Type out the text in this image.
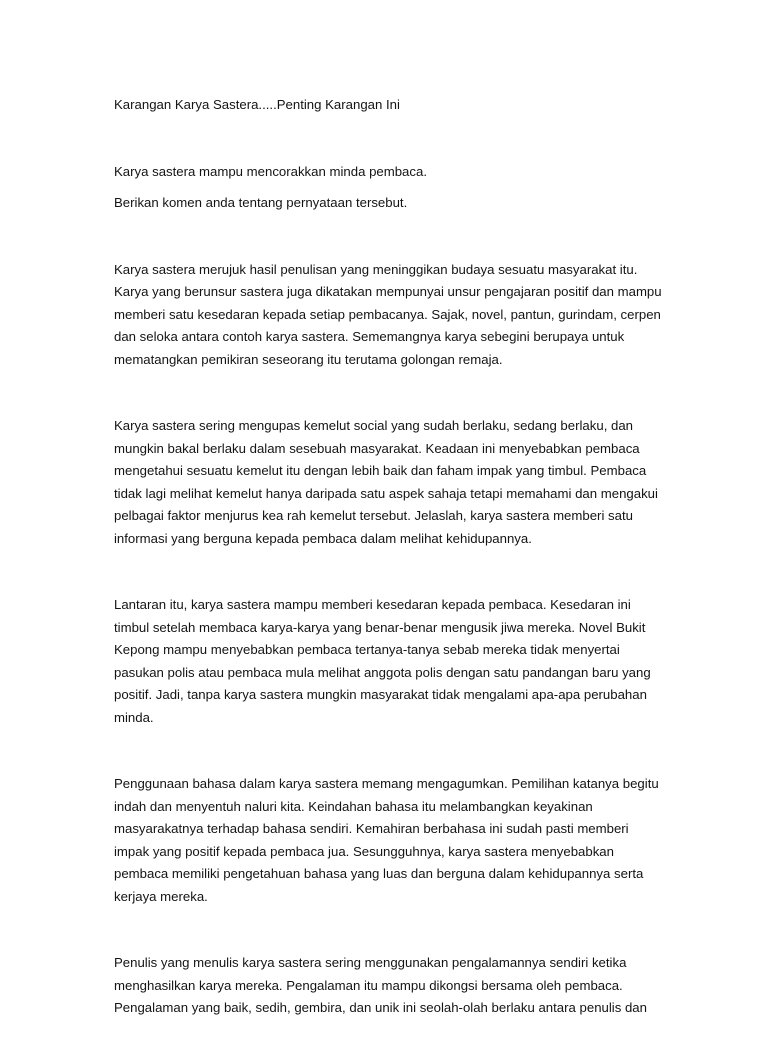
Karangan Karya Sastera.....Penting Karangan Ini

Karya sastera mampu mencorakkan minda pembaca.

Berikan komen anda tentang pernyataan tersebut.

Karya sastera merujuk hasil penulisan yang meninggikan budaya sesuatu masyarakat itu. Karya yang berunsur sastera juga dikatakan mempunyai unsur pengajaran positif dan mampu memberi satu kesedaran kepada setiap pembacanya. Sajak, novel, pantun, gurindam, cerpen dan seloka antara contoh karya sastera. Sememangnya karya sebegini berupaya untuk mematangkan pemikiran seseorang itu terutama golongan remaja.

Karya sastera sering mengupas kemelut social yang sudah berlaku, sedang berlaku, dan mungkin bakal berlaku dalam sesebuah masyarakat. Keadaan ini menyebabkan pembaca mengetahui sesuatu kemelut itu dengan lebih baik dan faham impak yang timbul. Pembaca tidak lagi melihat kemelut hanya daripada satu aspek sahaja tetapi memahami dan mengakui pelbagai faktor menjurus kea rah kemelut tersebut. Jelaslah, karya sastera memberi satu informasi yang berguna kepada pembaca dalam melihat kehidupannya.

Lantaran itu, karya sastera mampu memberi kesedaran kepada pembaca. Kesedaran ini timbul setelah membaca karya-karya yang benar-benar mengusik jiwa mereka. Novel Bukit Kepong mampu menyebabkan pembaca tertanya-tanya sebab mereka tidak menyertai pasukan polis atau pembaca mula melihat anggota polis dengan satu pandangan baru yang positif. Jadi, tanpa karya sastera mungkin masyarakat tidak mengalami apa-apa perubahan minda.

Penggunaan bahasa dalam karya sastera memang mengagumkan. Pemilihan katanya begitu indah dan menyentuh naluri kita. Keindahan bahasa itu melambangkan keyakinan masyarakatnya terhadap bahasa sendiri. Kemahiran berbahasa ini sudah pasti memberi impak yang positif kepada pembaca jua. Sesungguhnya, karya sastera menyebabkan pembaca memiliki pengetahuan bahasa yang luas dan berguna dalam kehidupannya serta kerjaya mereka.

Penulis yang menulis karya sastera sering menggunakan pengalamannya sendiri ketika menghasilkan karya mereka. Pengalaman itu mampu dikongsi bersama oleh pembaca. Pengalaman yang baik, sedih, gembira, dan unik ini seolah-olah berlaku antara penulis dan
